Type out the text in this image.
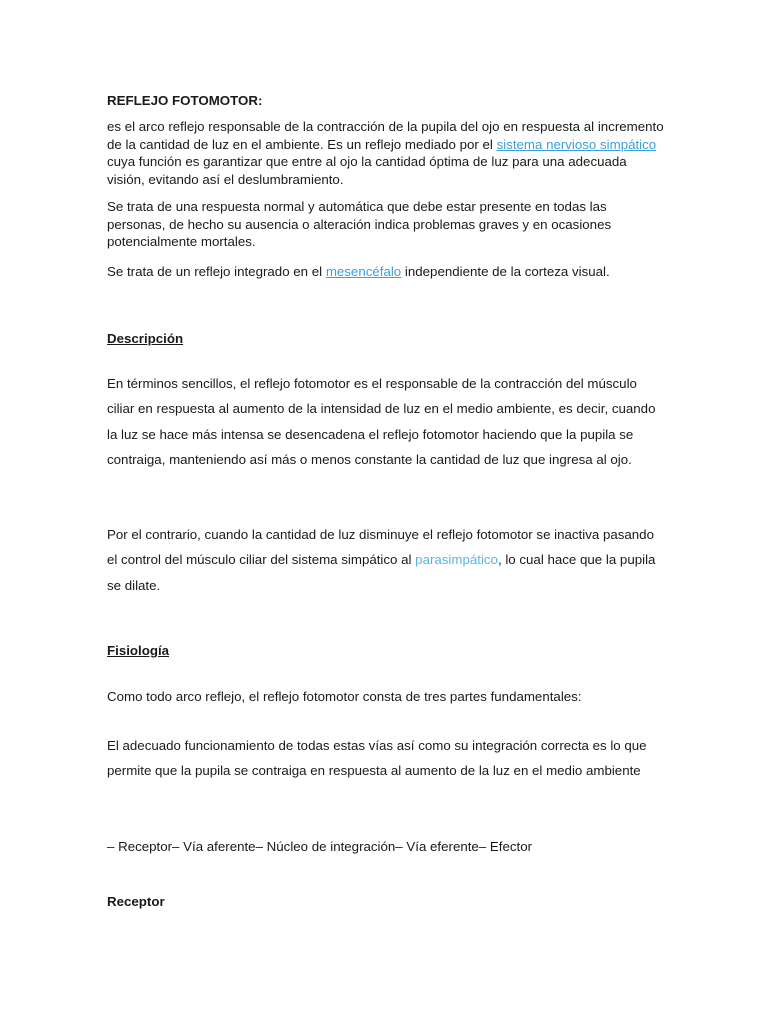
REFLEJO FOTOMOTOR:

es el arco reflejo responsable de la contracción de la pupila del ojo en respuesta al incremento de la cantidad de luz en el ambiente. Es un reflejo mediado por el sistema nervioso simpático cuya función es garantizar que entre al ojo la cantidad óptima de luz para una adecuada visión, evitando así el deslumbramiento.

Se trata de una respuesta normal y automática que debe estar presente en todas las personas, de hecho su ausencia o alteración indica problemas graves y en ocasiones potencialmente mortales.

Se trata de un reflejo integrado en el mesencéfalo independiente de la corteza visual.

Descripción

En términos sencillos, el reflejo fotomotor es el responsable de la contracción del músculo ciliar en respuesta al aumento de la intensidad de luz en el medio ambiente, es decir, cuando la luz se hace más intensa se desencadena el reflejo fotomotor haciendo que la pupila se contraiga, manteniendo así más o menos constante la cantidad de luz que ingresa al ojo.

Por el contrario, cuando la cantidad de luz disminuye el reflejo fotomotor se inactiva pasando el control del músculo ciliar del sistema simpático al parasimpático, lo cual hace que la pupila se dilate.

Fisiología

Como todo arco reflejo, el reflejo fotomotor consta de tres partes fundamentales:

El adecuado funcionamiento de todas estas vías así como su integración correcta es lo que permite que la pupila se contraiga en respuesta al aumento de la luz en el medio ambiente

– Receptor– Vía aferente– Núcleo de integración– Vía eferente– Efector

Receptor
